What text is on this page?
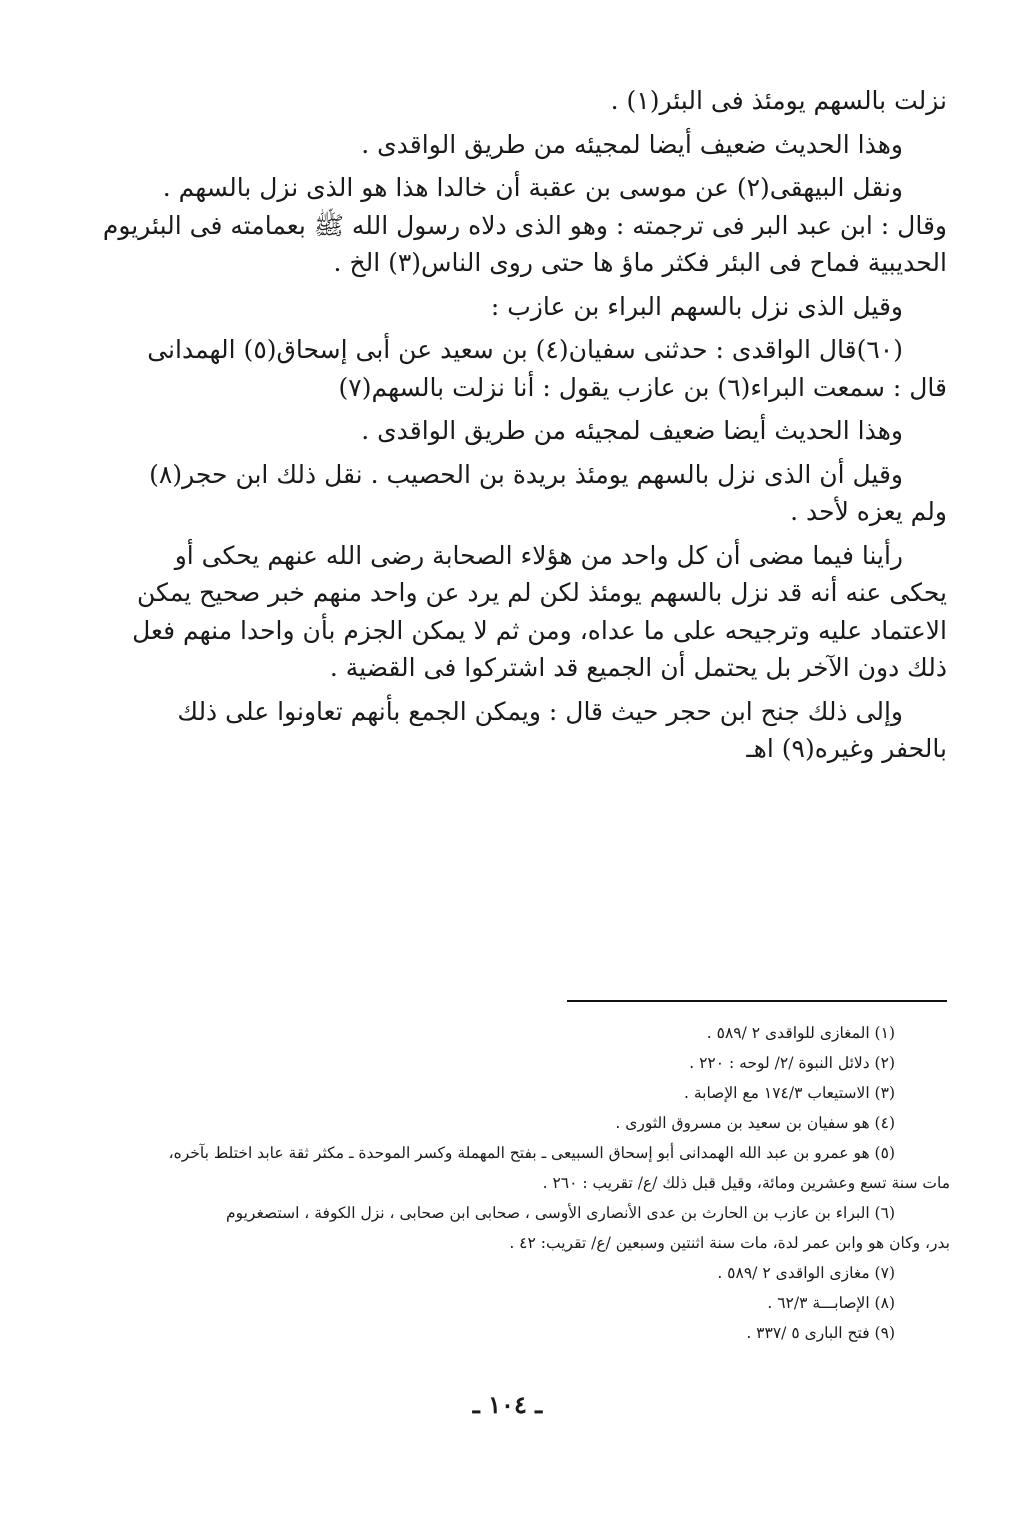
نزلت بالسهم يومئذ فى البئر(١) .

وهذا الحديث ضعيف أيضا لمجيئه من طريق الواقدى .

ونقل البيهقى(٢) عن موسى بن عقبة أن خالدا هذا هو الذى نزل بالسهم .

وقال : ابن عبد البر فى ترجمته : وهو الذى دلاه رسول الله ﷺ بعمامته فى البئريوم
الحديبية فماح فى البئر فكثر ماؤ ها حتى روى الناس(٣) الخ .

وقيل الذى نزل بالسهم البراء بن عازب :

(٦٠)قال الواقدى : حدثنى سفيان(٤) بن سعيد عن أبى إسحاق(٥) الهمدانى

قال : سمعت البراء(٦) بن عازب يقول : أنا نزلت بالسهم(٧)

وهذا الحديث أيضا ضعيف لمجيئه من طريق الواقدى .

وقيل أن الذى نزل بالسهم يومئذ بريدة بن الحصيب . نقل ذلك ابن حجر(٨)

ولم يعزه لأحد .

رأينا فيما مضى أن كل واحد من هؤلاء الصحابة رضى الله عنهم يحكى أو

يحكى عنه أنه قد نزل بالسهم يومئذ لكن لم يرد عن واحد منهم خبر صحيح يمكن
الاعتماد عليه وترجيحه على ما عداه، ومن ثم لا يمكن الجزم بأن واحدا منهم فعل
ذلك دون الآخر بل يحتمل أن الجميع قد اشتركوا فى القضية .

وإلى ذلك جنح ابن حجر حيث قال : ويمكن الجمع بأنهم تعاونوا على ذلك

بالحفر وغيره(٩) اهـ

(١) المغازى للواقدى ٢ /٥٨٩ .
(٢) دلائل النبوة /٢/ لوحه : ٢٢٠ .
(٣) الاستيعاب ١٧٤/٣ مع الإصابة .
(٤) هو سفيان بن سعيد بن مسروق الثورى .
(٥) هو عمرو بن عبد الله الهمدانى أبو إسحاق السبيعى ـ بفتح المهملة وكسر الموحدة ـ مكثر ثقة عابد اختلط بآخره،
مات سنة تسع وعشرين ومائة، وقيل قبل ذلك /ع/ تقريب : ٢٦٠ .
(٦) البراء بن عازب بن الحارث بن عدى الأنصارى الأوسى ، صحابى ابن صحابى ، نزل الكوفة ، استصغريوم
بدر، وكان هو وابن عمر لدة، مات سنة اثنتين وسبعين /ع/ تقريب: ٤٢ .
(٧) مغازى الواقدى ٢ /٥٨٩ .
(٨) الإصابـــة ٦٢/٣ .
(٩) فتح البارى ٥ /٣٣٧ .
ـ ١٠٤ ـ
